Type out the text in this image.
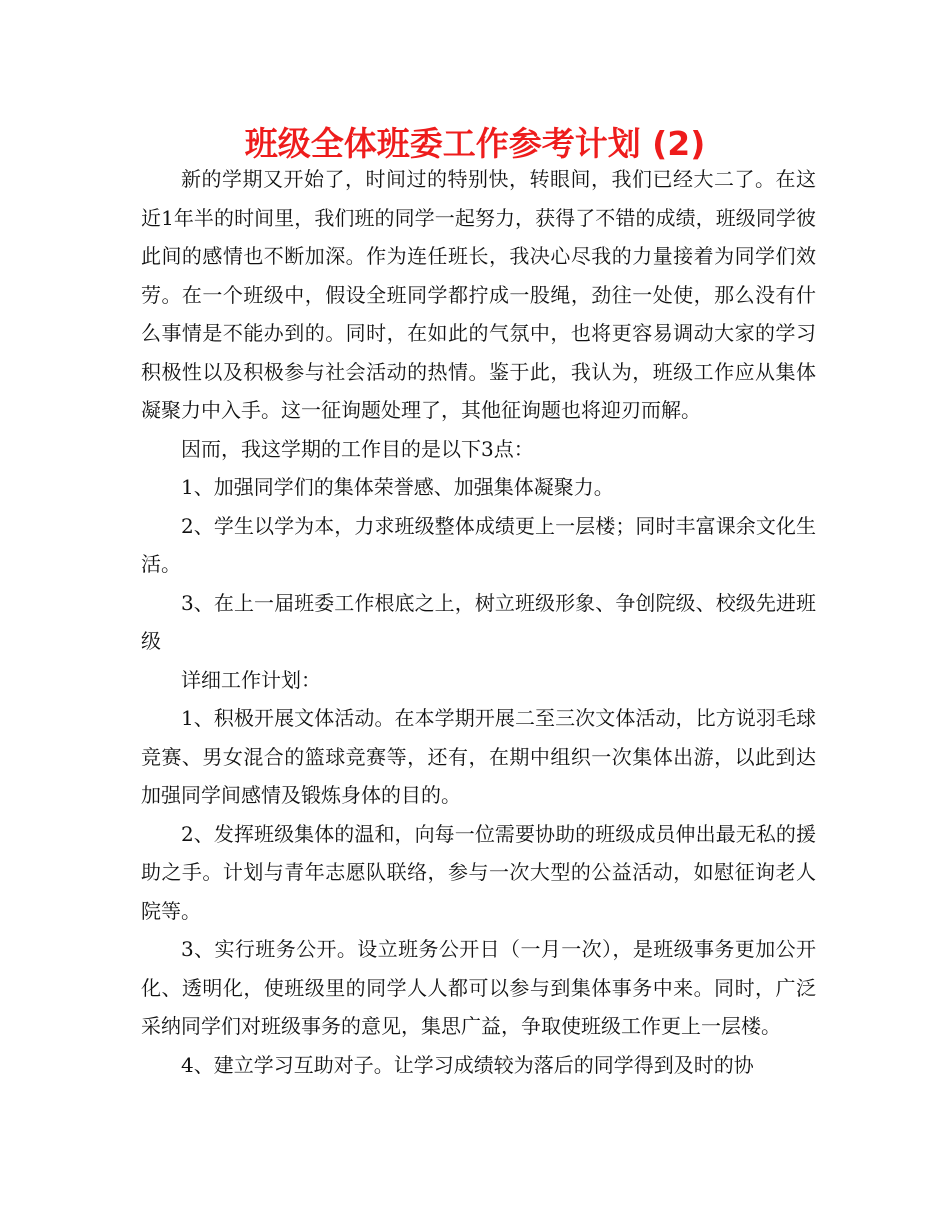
班级全体班委工作参考计划 (2)

新的学期又开始了，时间过的特别快，转眼间，我们已经大二了。在这近1年半的时间里，我们班的同学一起努力，获得了不错的成绩，班级同学彼此间的感情也不断加深。作为连任班长，我决心尽我的力量接着为同学们效劳。在一个班级中，假设全班同学都拧成一股绳，劲往一处使，那么没有什么事情是不能办到的。同时，在如此的气氛中，也将更容易调动大家的学习积极性以及积极参与社会活动的热情。鉴于此，我认为，班级工作应从集体凝聚力中入手。这一征询题处理了，其他征询题也将迎刃而解。

因而，我这学期的工作目的是以下3点：

1、加强同学们的集体荣誉感、加强集体凝聚力。

2、学生以学为本，力求班级整体成绩更上一层楼；同时丰富课余文化生活。

3、在上一届班委工作根底之上，树立班级形象、争创院级、校级先进班级

详细工作计划：

1、积极开展文体活动。在本学期开展二至三次文体活动，比方说羽毛球竞赛、男女混合的篮球竞赛等，还有，在期中组织一次集体出游，以此到达加强同学间感情及锻炼身体的目的。

2、发挥班级集体的温和，向每一位需要协助的班级成员伸出最无私的援助之手。计划与青年志愿队联络，参与一次大型的公益活动，如慰征询老人院等。

3、实行班务公开。设立班务公开日（一月一次），是班级事务更加公开化、透明化，使班级里的同学人人都可以参与到集体事务中来。同时，广泛采纳同学们对班级事务的意见，集思广益，争取使班级工作更上一层楼。

4、建立学习互助对子。让学习成绩较为落后的同学得到及时的协
